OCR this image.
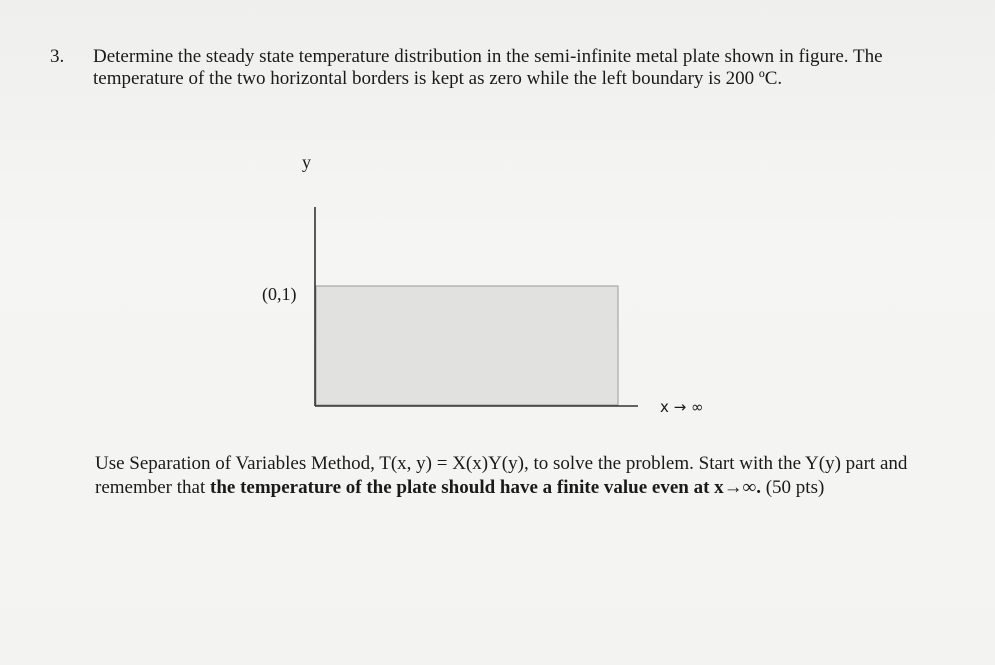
3. Determine the steady state temperature distribution in the semi-infinite metal plate shown in figure. The temperature of the two horizontal borders is kept as zero while the left boundary is 200 ºC.
y
(0,1)
x → ∞
Use Separation of Variables Method, T(x, y) = X(x)Y(y), to solve the problem. Start with the Y(y) part and remember that the temperature of the plate should have a finite value even at x→∞. (50 pts)
